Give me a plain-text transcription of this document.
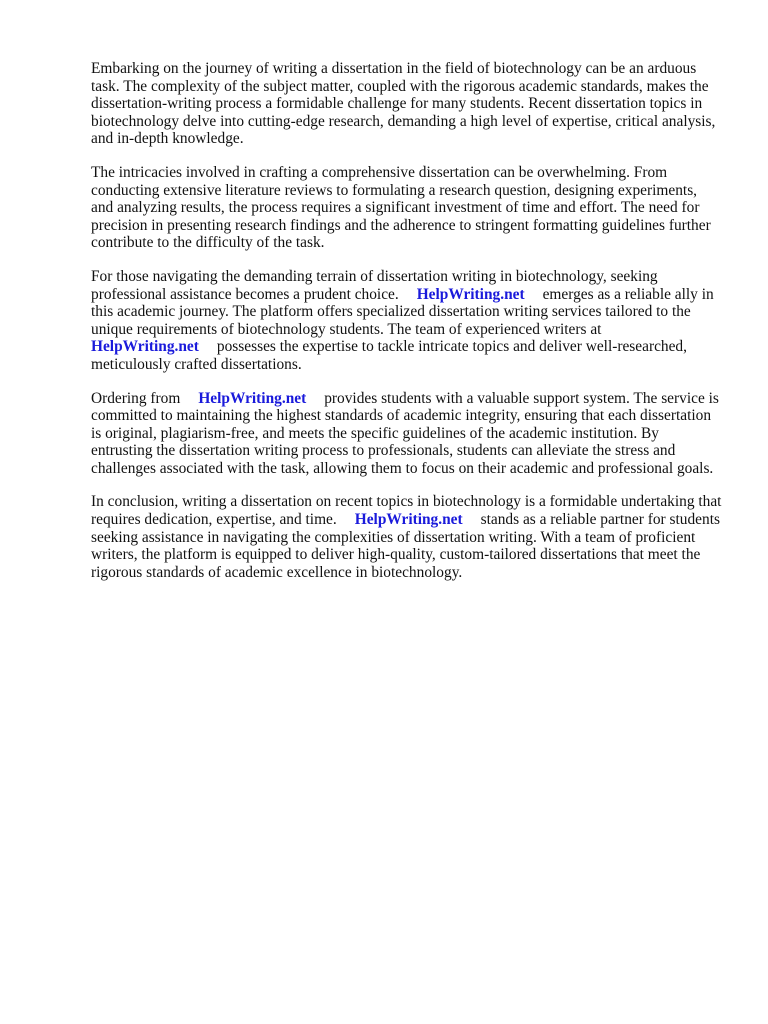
Embarking on the journey of writing a dissertation in the field of biotechnology can be an arduous task. The complexity of the subject matter, coupled with the rigorous academic standards, makes the dissertation-writing process a formidable challenge for many students. Recent dissertation topics in biotechnology delve into cutting-edge research, demanding a high level of expertise, critical analysis, and in-depth knowledge.

The intricacies involved in crafting a comprehensive dissertation can be overwhelming. From conducting extensive literature reviews to formulating a research question, designing experiments, and analyzing results, the process requires a significant investment of time and effort. The need for precision in presenting research findings and the adherence to stringent formatting guidelines further contribute to the difficulty of the task.

For those navigating the demanding terrain of dissertation writing in biotechnology, seeking professional assistance becomes a prudent choice. HelpWriting.net emerges as a reliable ally in this academic journey. The platform offers specialized dissertation writing services tailored to the unique requirements of biotechnology students. The team of experienced writers at
HelpWriting.net possesses the expertise to tackle intricate topics and deliver well-researched, meticulously crafted dissertations.

Ordering from HelpWriting.net provides students with a valuable support system. The service is committed to maintaining the highest standards of academic integrity, ensuring that each dissertation is original, plagiarism-free, and meets the specific guidelines of the academic institution. By entrusting the dissertation writing process to professionals, students can alleviate the stress and challenges associated with the task, allowing them to focus on their academic and professional goals.

In conclusion, writing a dissertation on recent topics in biotechnology is a formidable undertaking that requires dedication, expertise, and time. HelpWriting.net stands as a reliable partner for students seeking assistance in navigating the complexities of dissertation writing. With a team of proficient writers, the platform is equipped to deliver high-quality, custom-tailored dissertations that meet the rigorous standards of academic excellence in biotechnology.
